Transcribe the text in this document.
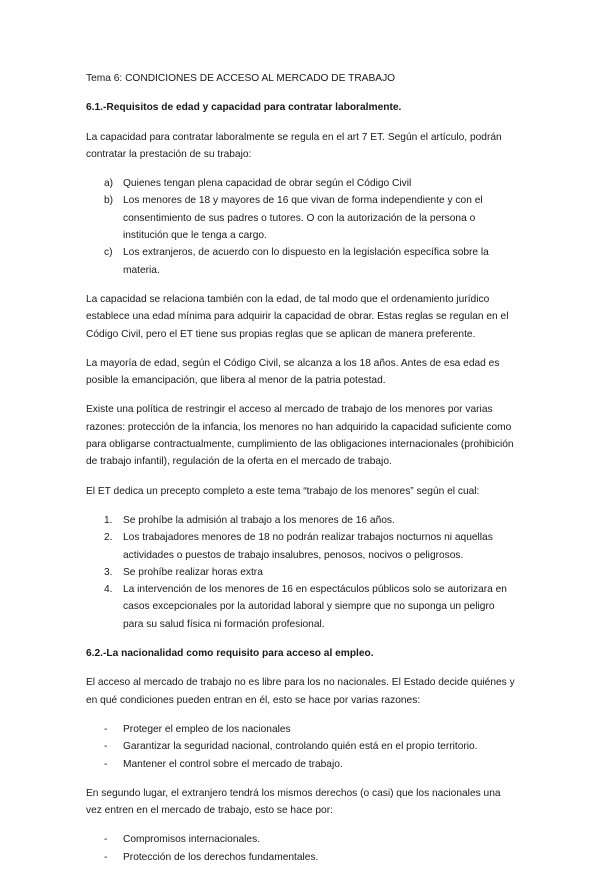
Tema 6: CONDICIONES DE ACCESO AL MERCADO DE TRABAJO

6.1.-Requisitos de edad y capacidad para contratar laboralmente.

La capacidad para contratar laboralmente se regula en el art 7 ET. Según el artículo, podrán contratar la prestación de su trabajo:

a) Quienes tengan plena capacidad de obrar según el Código Civil
b) Los menores de 18 y mayores de 16 que vivan de forma independiente y con el consentimiento de sus padres o tutores. O con la autorización de la persona o institución que le tenga a cargo.
c) Los extranjeros, de acuerdo con lo dispuesto en la legislación específica sobre la materia.

La capacidad se relaciona también con la edad, de tal modo que el ordenamiento jurídico establece una edad mínima para adquirir la capacidad de obrar. Estas reglas se regulan en el Código Civil, pero el ET tiene sus propias reglas que se aplican de manera preferente.

La mayoría de edad, según el Código Civil, se alcanza a los 18 años. Antes de esa edad es posible la emancipación, que libera al menor de la patria potestad.

Existe una política de restringir el acceso al mercado de trabajo de los menores por varias razones: protección de la infancia, los menores no han adquirido la capacidad suficiente como para obligarse contractualmente, cumplimiento de las obligaciones internacionales (prohibición de trabajo infantil), regulación de la oferta en el mercado de trabajo.

El ET dedica un precepto completo a este tema “trabajo de los menores” según el cual:

1. Se prohíbe la admisión al trabajo a los menores de 16 años.
2. Los trabajadores menores de 18 no podrán realizar trabajos nocturnos ni aquellas actividades o puestos de trabajo insalubres, penosos, nocivos o peligrosos.
3. Se prohíbe realizar horas extra
4. La intervención de los menores de 16 en espectáculos públicos solo se autorizara en casos excepcionales por la autoridad laboral y siempre que no suponga un peligro para su salud física ni formación profesional.

6.2.-La nacionalidad como requisito para acceso al empleo.

El acceso al mercado de trabajo no es libre para los no nacionales. El Estado decide quiénes y en qué condiciones pueden entran en él, esto se hace por varias razones:

- Proteger el empleo de los nacionales
- Garantizar la seguridad nacional, controlando quién está en el propio territorio.
- Mantener el control sobre el mercado de trabajo.

En segundo lugar, el extranjero tendrá los mismos derechos (o casi) que los nacionales una vez entren en el mercado de trabajo, esto se hace por:

- Compromisos internacionales.
- Protección de los derechos fundamentales.
